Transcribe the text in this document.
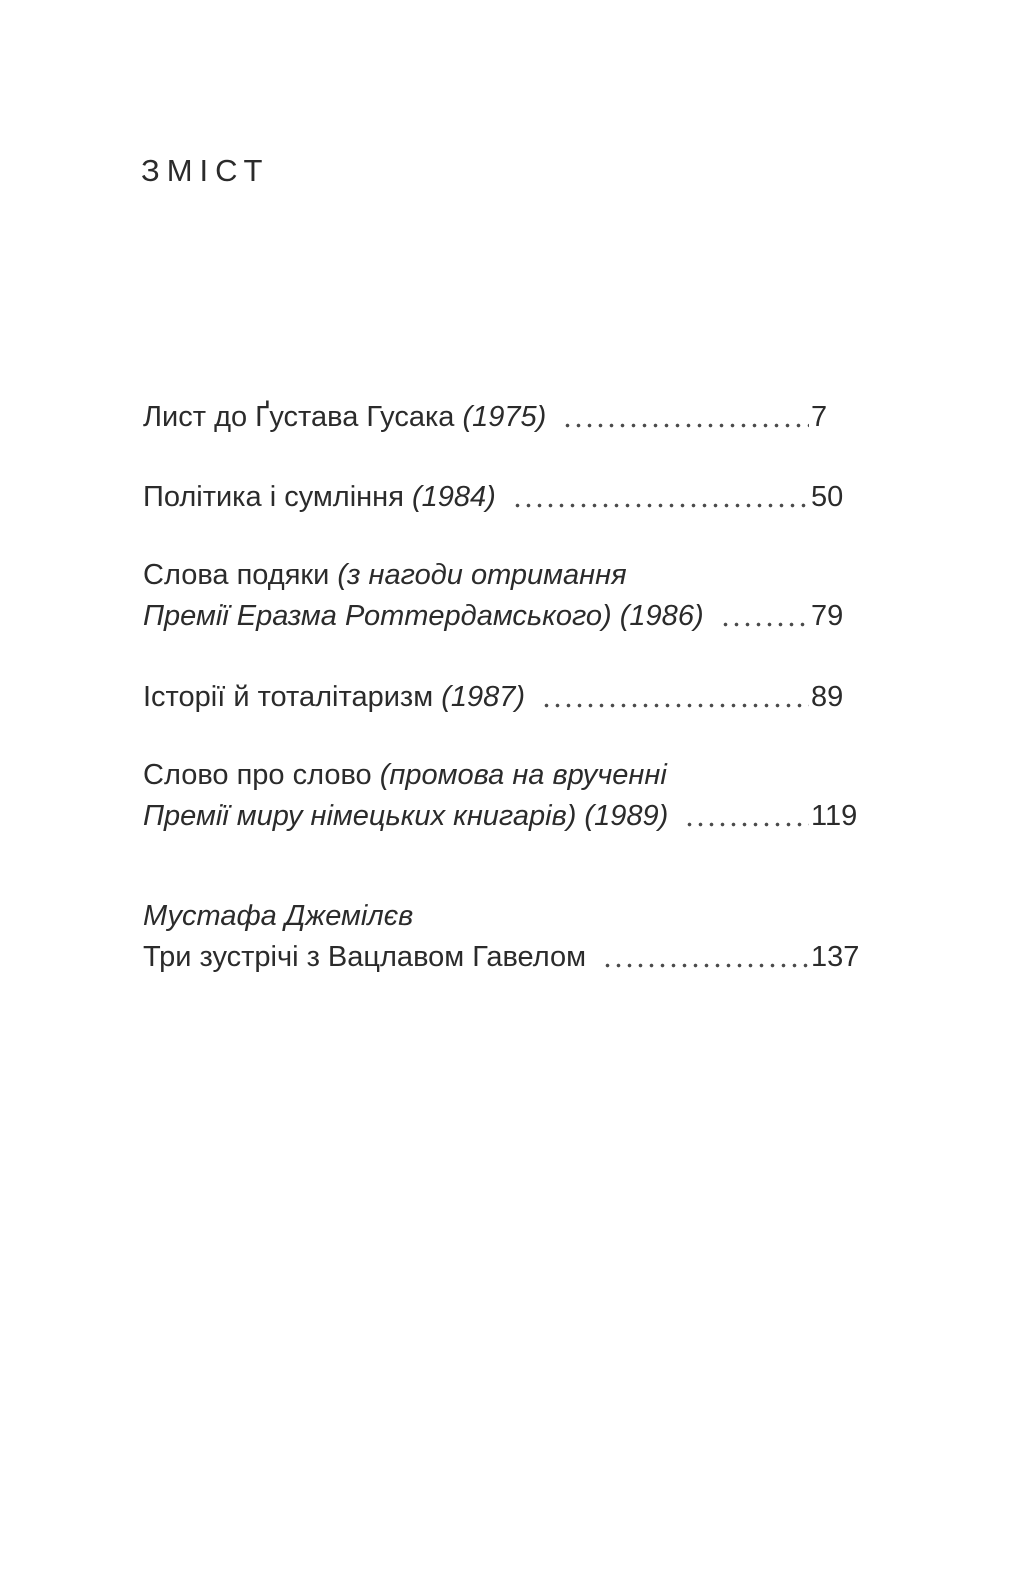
ЗМІСТ
Лист до Ґустава Гусака (1975)	7
Політика і сумління (1984)	50
Слова подяки (з нагоди отримання
Премії Еразма Роттердамського) (1986)	79
Історії й тоталітаризм (1987)	89
Слово про слово (промова на врученні
Премії миру німецьких книгарів) (1989)	119
Мустафа Джемілєв
Три зустрічі з Вацлавом Гавелом	137
